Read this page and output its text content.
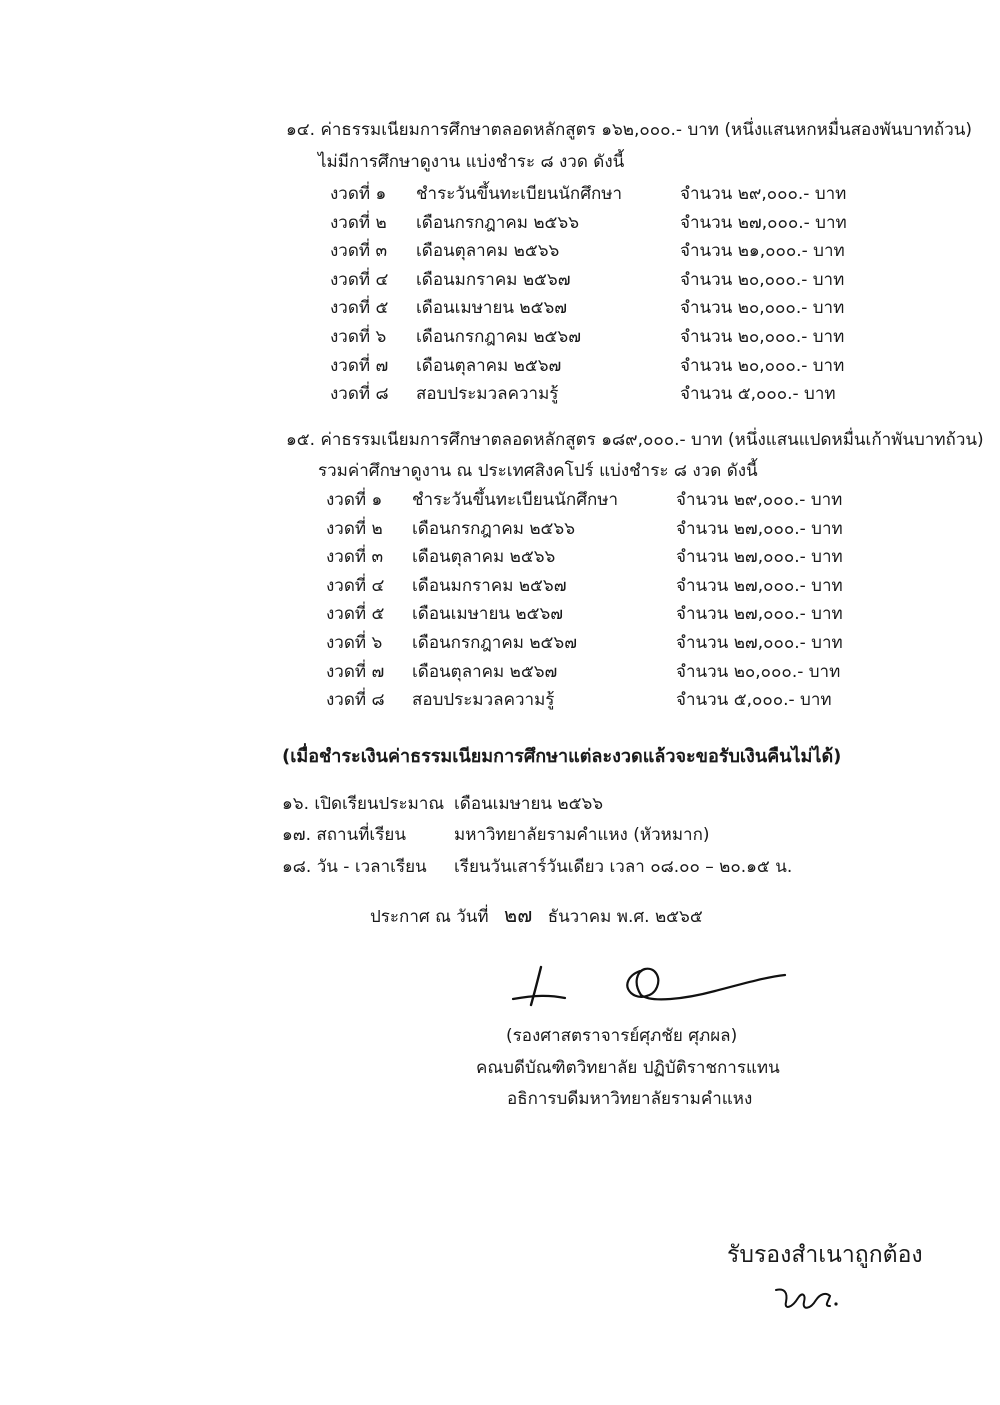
๑๔. ค่าธรรมเนียมการศึกษาตลอดหลักสูตร ๑๖๒,๐๐๐.- บาท (หนึ่งแสนหกหมื่นสองพันบาทถ้วน)
ไม่มีการศึกษาดูงาน แบ่งชำระ ๘ งวด ดังนี้
งวดที่ ๑ ชำระวันขึ้นทะเบียนนักศึกษา	จำนวน ๒๙,๐๐๐.- บาท
งวดที่ ๒ เดือนกรกฎาคม ๒๕๖๖	จำนวน ๒๗,๐๐๐.- บาท
งวดที่ ๓ เดือนตุลาคม ๒๕๖๖	จำนวน ๒๑,๐๐๐.- บาท
งวดที่ ๔ เดือนมกราคม ๒๕๖๗	จำนวน ๒๐,๐๐๐.- บาท
งวดที่ ๕ เดือนเมษายน ๒๕๖๗	จำนวน ๒๐,๐๐๐.- บาท
งวดที่ ๖ เดือนกรกฎาคม ๒๕๖๗	จำนวน ๒๐,๐๐๐.- บาท
งวดที่ ๗ เดือนตุลาคม ๒๕๖๗	จำนวน ๒๐,๐๐๐.- บาท
งวดที่ ๘ สอบประมวลความรู้	จำนวน ๕,๐๐๐.- บาท
๑๕. ค่าธรรมเนียมการศึกษาตลอดหลักสูตร ๑๘๙,๐๐๐.- บาท (หนึ่งแสนแปดหมื่นเก้าพันบาทถ้วน)
รวมค่าศึกษาดูงาน ณ ประเทศสิงคโปร์ แบ่งชำระ ๘ งวด ดังนี้
งวดที่ ๑ ชำระวันขึ้นทะเบียนนักศึกษา	จำนวน ๒๙,๐๐๐.- บาท
งวดที่ ๒ เดือนกรกฎาคม ๒๕๖๖	จำนวน ๒๗,๐๐๐.- บาท
งวดที่ ๓ เดือนตุลาคม ๒๕๖๖	จำนวน ๒๗,๐๐๐.- บาท
งวดที่ ๔ เดือนมกราคม ๒๕๖๗	จำนวน ๒๗,๐๐๐.- บาท
งวดที่ ๕ เดือนเมษายน ๒๕๖๗	จำนวน ๒๗,๐๐๐.- บาท
งวดที่ ๖ เดือนกรกฎาคม ๒๕๖๗	จำนวน ๒๗,๐๐๐.- บาท
งวดที่ ๗ เดือนตุลาคม ๒๕๖๗	จำนวน ๒๐,๐๐๐.- บาท
งวดที่ ๘ สอบประมวลความรู้	จำนวน ๕,๐๐๐.- บาท
(เมื่อชำระเงินค่าธรรมเนียมการศึกษาแต่ละงวดแล้วจะขอรับเงินคืนไม่ได้)
๑๖. เปิดเรียนประมาณ เดือนเมษายน ๒๕๖๖
๑๗. สถานที่เรียน	มหาวิทยาลัยรามคำแหง (หัวหมาก)
๑๘. วัน - เวลาเรียน เรียนวันเสาร์วันเดียว เวลา ๐๘.๐๐ – ๒๐.๑๕ น.
ประกาศ ณ วันที่ ๒๗ ธันวาคม พ.ศ. ๒๕๖๕
(รองศาสตราจารย์ศุภชัย ศุภผล)
คณบดีบัณฑิตวิทยาลัย ปฏิบัติราชการแทน
อธิการบดีมหาวิทยาลัยรามคำแหง
รับรองสำเนาถูกต้อง
